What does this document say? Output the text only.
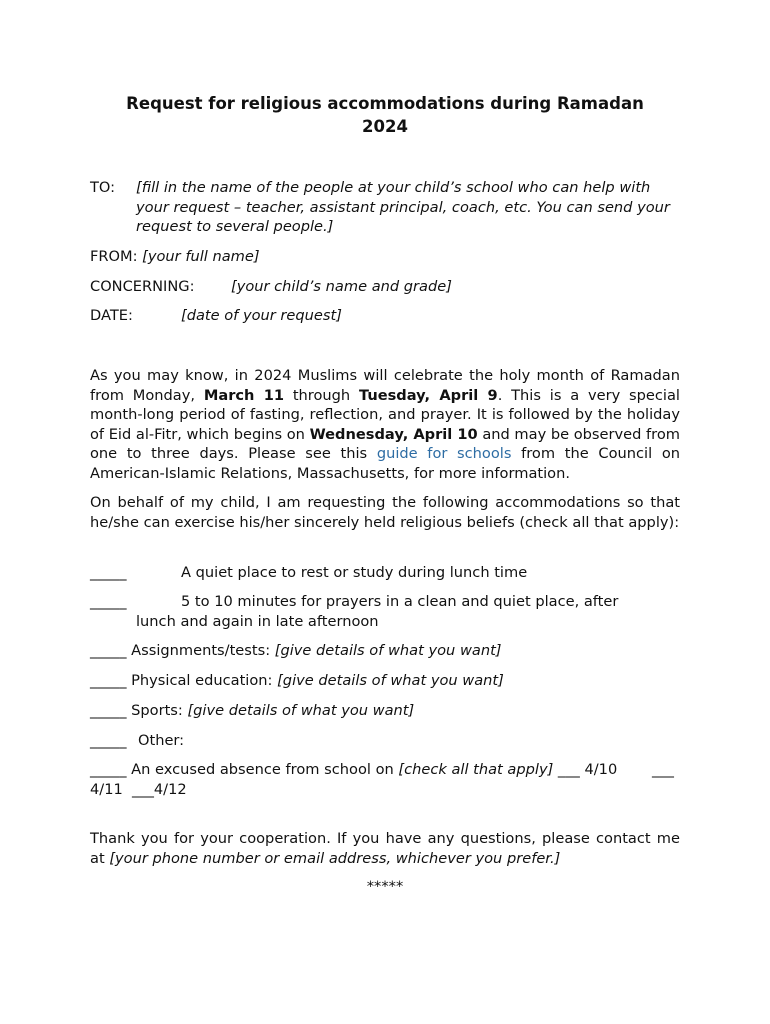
Request for religious accommodations during Ramadan
2024
TO: [fill in the name of the people at your child’s school who can help with your request – teacher, assistant principal, coach, etc. You can send your request to several people.]
FROM: [your full name]
CONCERNING: [your child’s name and grade]
DATE:	[date of your request]

As you may know, in 2024 Muslims will celebrate the holy month of Ramadan from Monday, March 11 through Tuesday, April 9. This is a very special month-long period of fasting, reflection, and prayer. It is followed by the holiday of Eid al-Fitr, which begins on Wednesday, April 10 and may be observed from one to three days. Please see this guide for schools from the Council on American-Islamic Relations, Massachusetts, for more information.

On behalf of my child, I am requesting the following accommodations so that he/she can exercise his/her sincerely held religious beliefs (check all that apply):

_____	A quiet place to rest or study during lunch time
_____	5 to 10 minutes for prayers in a clean and quiet place, after
lunch and again in late afternoon
_____ Assignments/tests: [give details of what you want]
_____ Physical education: [give details of what you want]
_____ Sports: [give details of what you want]
_____ Other:
_____ An excused absence from school on [check all that apply] ___ 4/10 ___
4/11 ___4/12

Thank you for your cooperation. If you have any questions, please contact me at [your phone number or email address, whichever you prefer.]

*****
